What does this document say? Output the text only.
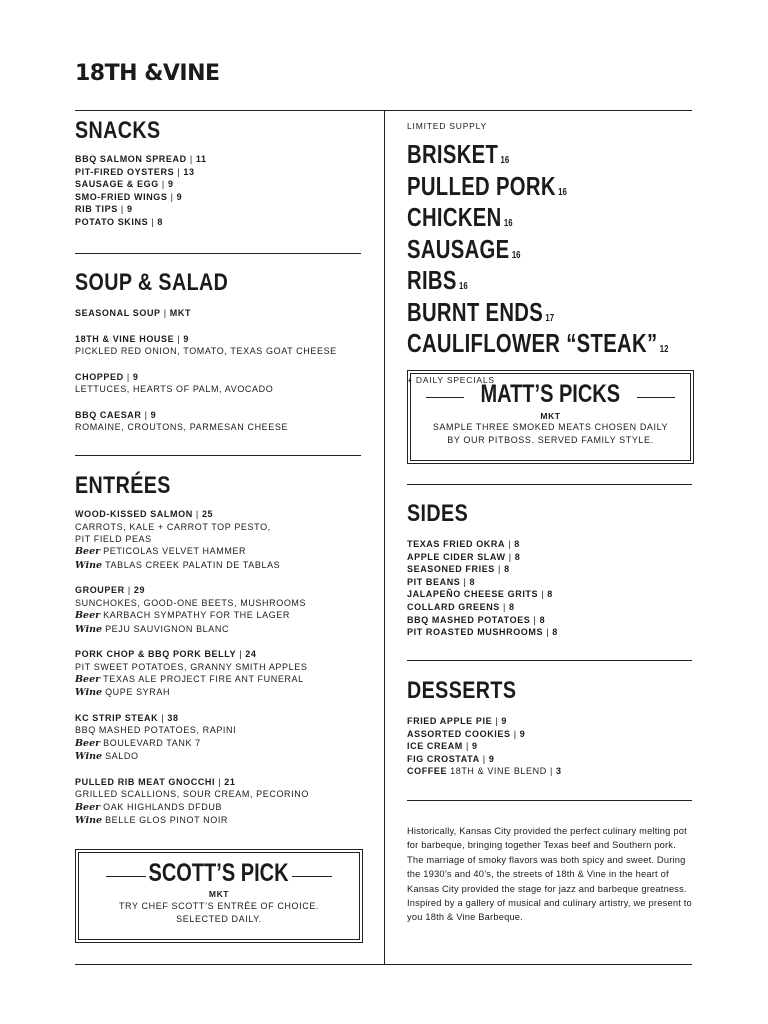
18TH &VINE
SNACKS
BBQ SALMON SPREAD | 11
PIT-FIRED OYSTERS | 13
SAUSAGE & EGG | 9
SMO-FRIED WINGS | 9
RIB TIPS | 9
POTATO SKINS | 8
SOUP & SALAD
SEASONAL SOUP | MKT
18TH & VINE HOUSE | 9
PICKLED RED ONION, TOMATO, TEXAS GOAT CHEESE
CHOPPED | 9
LETTUCES, HEARTS OF PALM, AVOCADO
BBQ CAESAR | 9
ROMAINE, CROUTONS, PARMESAN CHEESE
ENTRÉES
WOOD-KISSED SALMON | 25
CARROTS, KALE + CARROT TOP PESTO,
PIT FIELD PEAS
Beer PETICOLAS VELVET HAMMER
Wine TABLAS CREEK PALATIN DE TABLAS
GROUPER | 29
SUNCHOKES, GOOD-ONE BEETS, MUSHROOMS
Beer KARBACH SYMPATHY FOR THE LAGER
Wine PEJU SAUVIGNON BLANC
PORK CHOP & BBQ PORK BELLY | 24
PIT SWEET POTATOES, GRANNY SMITH APPLES
Beer TEXAS ALE PROJECT FIRE ANT FUNERAL
Wine QUPE SYRAH
KC STRIP STEAK | 38
BBQ MASHED POTATOES, RAPINI
Beer BOULEVARD TANK 7
Wine SALDO
PULLED RIB MEAT GNOCCHI | 21
GRILLED SCALLIONS, SOUR CREAM, PECORINO
Beer OAK HIGHLANDS DFDUB
Wine BELLE GLOS PINOT NOIR
SCOTT’S PICK
MKT
TRY CHEF SCOTT’S ENTRÉE OF CHOICE.
SELECTED DAILY.
LIMITED SUPPLY
BRISKET 16
PULLED PORK 16
CHICKEN 16
SAUSAGE 16
RIBS 16
BURNT ENDS 17
CAULIFLOWER “STEAK” 12
+ DAILY SPECIALS
MATT’S PICKS
MKT
SAMPLE THREE SMOKED MEATS CHOSEN DAILY
BY OUR PITBOSS. SERVED FAMILY STYLE.
SIDES
TEXAS FRIED OKRA | 8
APPLE CIDER SLAW | 8
SEASONED FRIES | 8
PIT BEANS | 8
JALAPEÑO CHEESE GRITS | 8
COLLARD GREENS | 8
BBQ MASHED POTATOES | 8
PIT ROASTED MUSHROOMS | 8
DESSERTS
FRIED APPLE PIE | 9
ASSORTED COOKIES | 9
ICE CREAM | 9
FIG CROSTATA | 9
COFFEE 18TH & VINE BLEND | 3
Historically, Kansas City provided the perfect culinary melting pot for barbeque, bringing together Texas beef and Southern pork. The marriage of smoky flavors was both spicy and sweet. During the 1930’s and 40’s, the streets of 18th & Vine in the heart of Kansas City provided the stage for jazz and barbeque greatness. Inspired by a gallery of musical and culinary artistry, we present to you 18th & Vine Barbeque.
